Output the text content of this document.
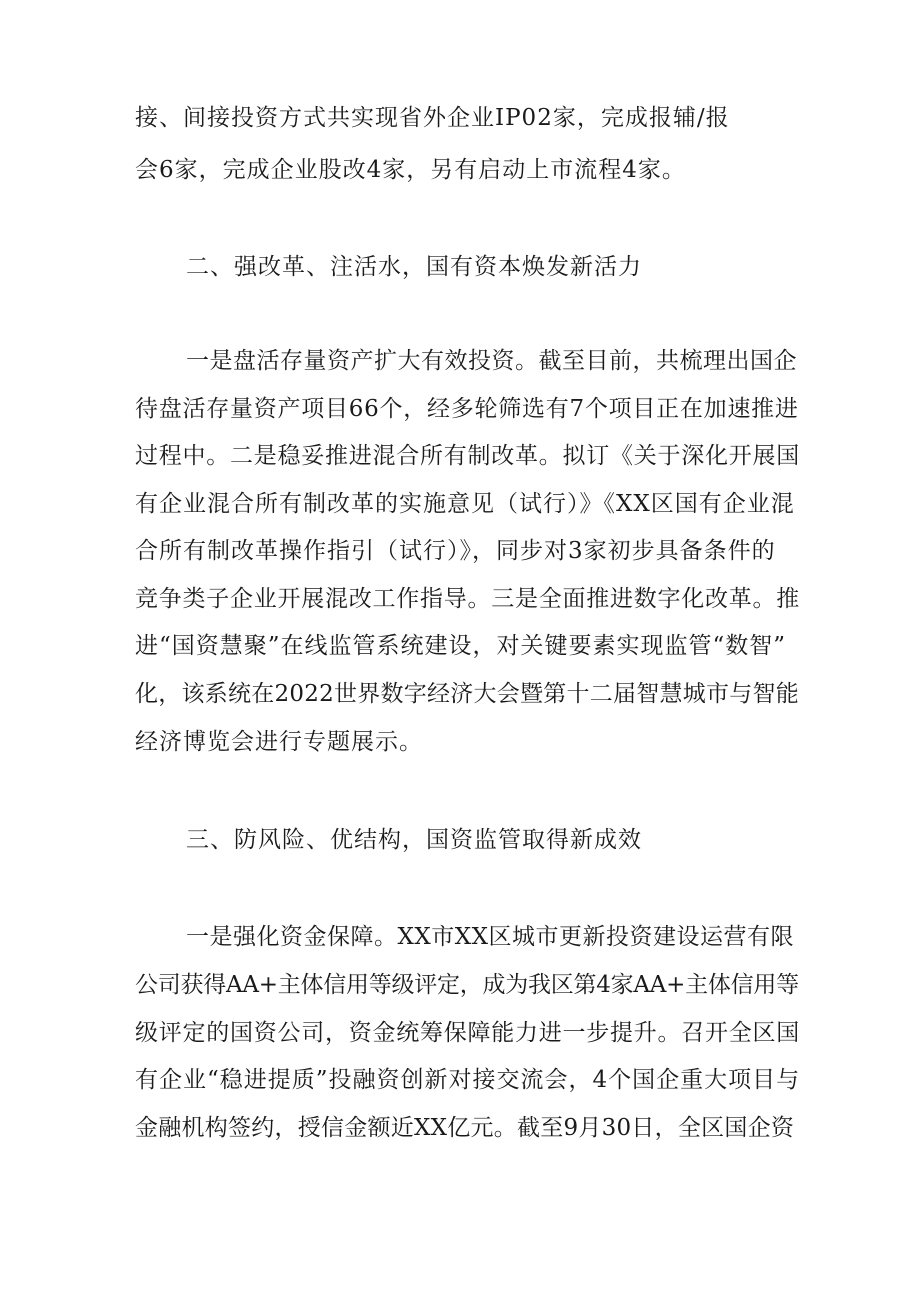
接、间接投资方式共实现省外企业IP02家，完成报辅/报
会6家，完成企业股改4家，另有启动上市流程4家。
二、强改革、注活水，国有资本焕发新活力
一是盘活存量资产扩大有效投资。截至目前，共梳理出国企
待盘活存量资产项目66个，经多轮筛选有7个项目正在加速推进
过程中。二是稳妥推进混合所有制改革。拟订《关于深化开展国
有企业混合所有制改革的实施意见（试行）》《XX区国有企业混
合所有制改革操作指引（试行）》，同步对3家初步具备条件的
竞争类子企业开展混改工作指导。三是全面推进数字化改革。推
进“国资慧聚”在线监管系统建设，对关键要素实现监管“数智”
化，该系统在2022世界数字经济大会暨第十二届智慧城市与智能
经济博览会进行专题展示。
三、防风险、优结构，国资监管取得新成效
一是强化资金保障。XX市XX区城市更新投资建设运营有限
公司获得AA+主体信用等级评定，成为我区第4家AA+主体信用等
级评定的国资公司，资金统筹保障能力进一步提升。召开全区国
有企业“稳进提质”投融资创新对接交流会，4个国企重大项目与
金融机构签约，授信金额近XX亿元。截至9月30日，全区国企资
